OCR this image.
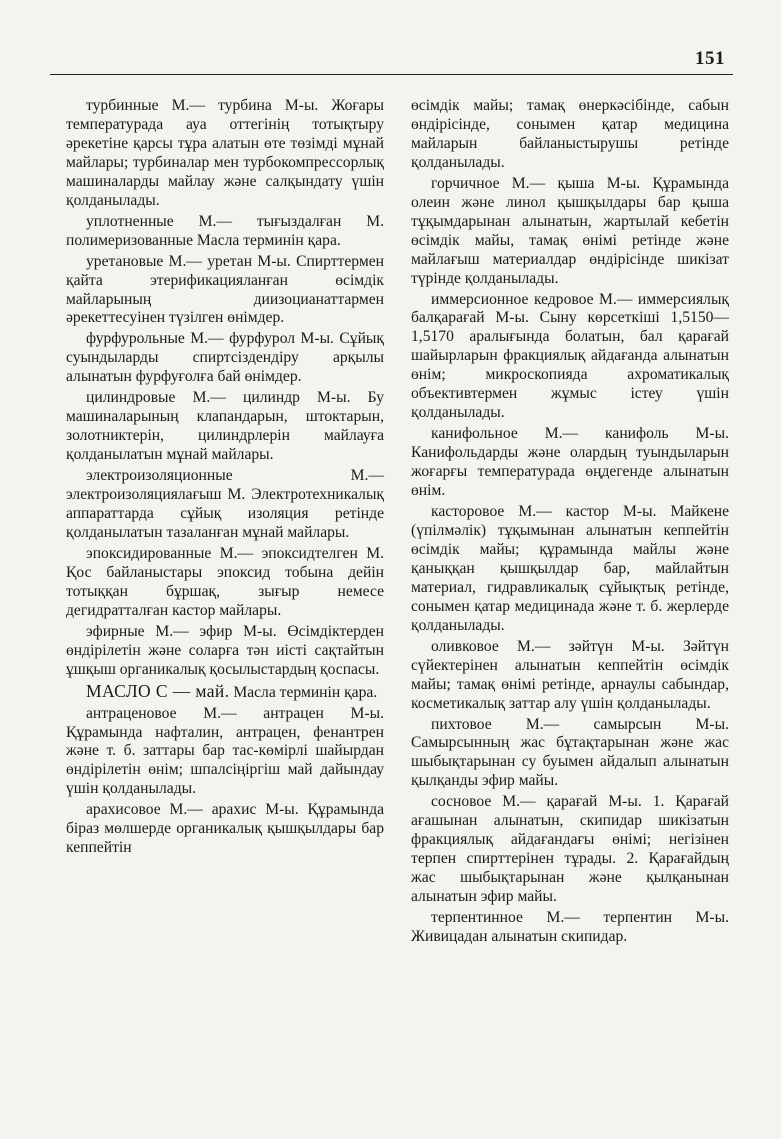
151

турбинные М.— турбина М-ы. Жоғары температурада ауа оттегінің тотықтыру әрекетіне қарсы тұра алатын өте төзімді мұнай майлары; турбиналар мен турбокомпрессорлық машиналарды майлау және салқындату үшін қолданылады.

уплотненные М.— тығыздалған М. полимеризованные Масла терминін қара.

уретановые М.— уретан М-ы. Спирттермен қайта этерификацияланған өсімдік майларының диизоцианаттармен әрекеттесуінен түзілген өнімдер.

фурфурольные М.— фурфурол М-ы. Сұйық суындыларды спиртсіздендіру арқылы алынатын фурфуғолға бай өнімдер.

цилиндровые М.— цилиндр М-ы. Бу машиналарының клапандарын, штоктарын, золотниктерін, цилиндрлерін майлауға қолданылатын мұнай майлары.

электроизоляционные М.— электроизоляциялағыш М. Электротехникалық аппараттарда сұйық изоляция ретінде қолданылатын тазаланған мұнай майлары.

эпоксидированные М.— эпоксидтелген М. Қос байланыстары эпоксид тобына дейін тотыққан бұршақ, зығыр немесе дегидратталған кастор майлары.

эфирные М.— эфир М-ы. Өсімдіктерден өндірілетін және соларға тән иісті сақтайтын ұшқыш органикалық қосылыстардың қоспасы.

МАСЛО С — май. Масла терминін қара.

антраценовое М.— антрацен М-ы. Құрамында нафталин, антрацен, фенантрен және т. б. заттары бар тас-көмірлі шайырдан өндірілетін өнім; шпалсіңіргіш май дайындау үшін қолданылады.

арахисовое М.— арахис М-ы. Құрамында біраз мөлшерде органикалық қышқылдары бар кеппейтін

өсімдік майы; тамақ өнеркәсібінде, сабын өндірісінде, сонымен қатар медицина майларын байланыстырушы ретінде қолданылады.

горчичное М.— қыша М-ы. Құрамында олеин және линол қышқылдары бар қыша тұқымдарынан алынатын, жартылай кебетін өсімдік майы, тамақ өнімі ретінде және майлағыш материалдар өндірісінде шикізат түрінде қолданылады.

иммерсионное кедровое М.— иммерсиялық балқарағай М-ы. Сыну көрсеткіші 1,5150—1,5170 аралығында болатын, бал қарағай шайырларын фракциялық айдағанда алынатын өнім; микроскопияда ахроматикалық объективтермен жұмыс істеу үшін қолданылады.

канифольное М.— канифоль М-ы. Канифольдарды және олардың туындыларын жоғарғы температурада өңдегенде алынатын өнім.

касторовое М.— кастор М-ы. Майкене (үпілмәлік) тұқымынан алынатын кеппейтін өсімдік майы; құрамында майлы және қаныққан қышқылдар бар, майлайтын материал, гидравликалық сұйықтық ретінде, сонымен қатар медицинада және т. б. жерлерде қолданылады.

оливковое М.— зәйтүн М-ы. Зәйтүн сүйектерінен алынатын кеппейтін өсімдік майы; тамақ өнімі ретінде, арнаулы сабындар, косметикалық заттар алу үшін қолданылады.

пихтовое М.— самырсын М-ы. Самырсынның жас бұтақтарынан және жас шыбықтарынан су буымен айдалып алынатын қылқанды эфир майы.

сосновое М.— қарағай М-ы. 1. Қарағай ағашынан алынатын, скипидар шикізатын фракциялық айдағандағы өнімі; негізінен терпен спирттерінен тұрады. 2. Қарағайдың жас шыбықтарынан және қылқанынан алынатын эфир майы.

терпентинное М.— терпентин М-ы. Живицадан алынатын скипидар.
